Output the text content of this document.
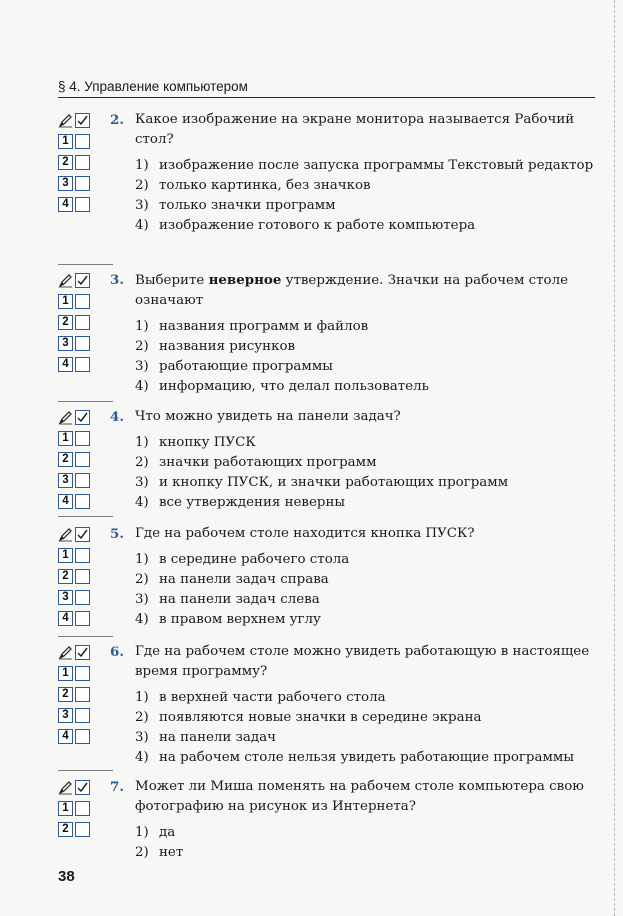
§ 4. Управление компьютером
1
2
3
4
2. Какое изображение на экране монитора называется Рабочий стол?
1) изображение после запуска программы Текстовый редактор
2) только картинка, без значков
3) только значки программ
4) изображение готового к работе компьютера
1
2
3
4
3. Выберите неверное утверждение. Значки на рабочем столе означают
1) названия программ и файлов
2) названия рисунков
3) работающие программы
4) информацию, что делал пользователь
1
2
3
4
4. Что можно увидеть на панели задач?
1) кнопку ПУСК
2) значки работающих программ
3) и кнопку ПУСК, и значки работающих программ
4) все утверждения неверны
1
2
3
4
5. Где на рабочем столе находится кнопка ПУСК?
1) в середине рабочего стола
2) на панели задач справа
3) на панели задач слева
4) в правом верхнем углу
1
2
3
4
6. Где на рабочем столе можно увидеть работающую в настоящее время программу?
1) в верхней части рабочего стола
2) появляются новые значки в середине экрана
3) на панели задач
4) на рабочем столе нельзя увидеть работающие программы
1
2
7. Может ли Миша поменять на рабочем столе компьютера свою фотографию на рисунок из Интернета?
1) да
2) нет
38
